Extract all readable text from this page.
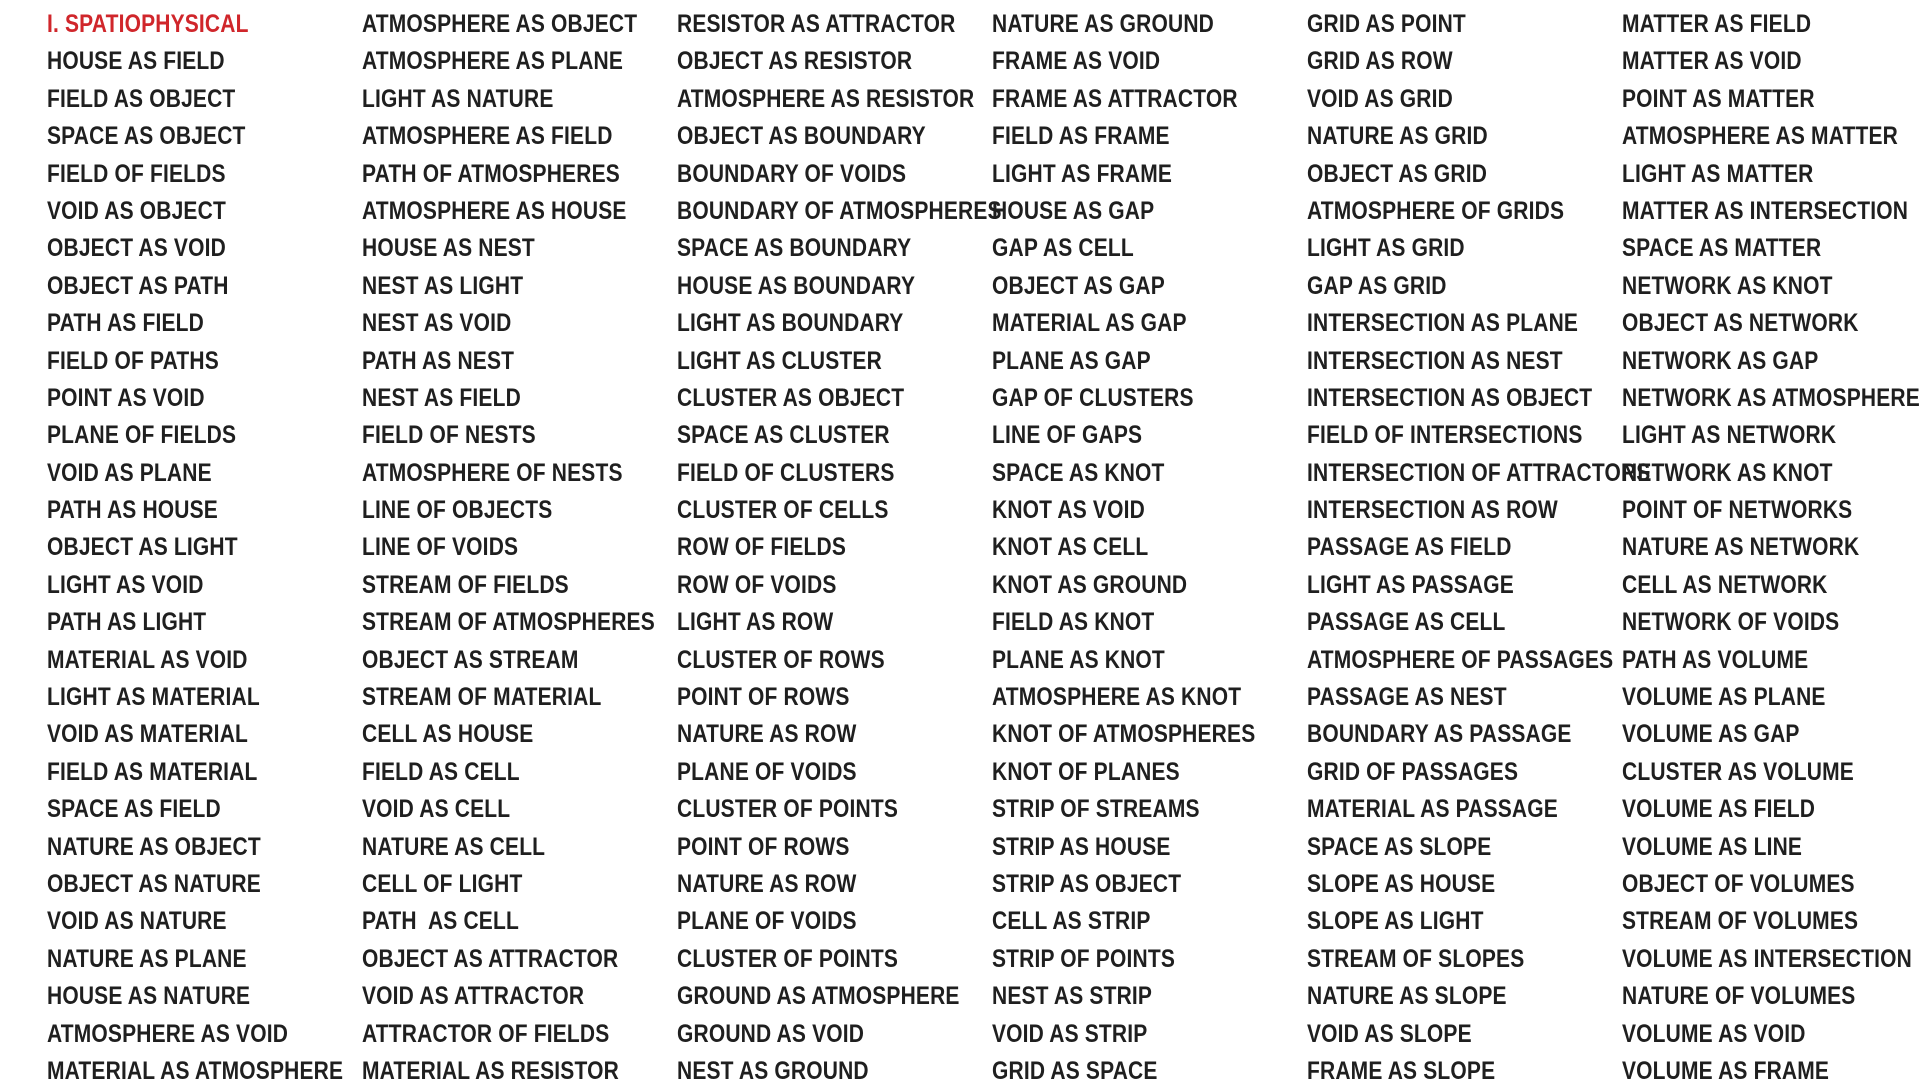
I. SPATIOPHYSICAL
HOUSE AS FIELD
FIELD AS OBJECT
SPACE AS OBJECT
FIELD OF FIELDS
VOID AS OBJECT
OBJECT AS VOID
OBJECT AS PATH
PATH AS FIELD
FIELD OF PATHS
POINT AS VOID
PLANE OF FIELDS
VOID AS PLANE
PATH AS HOUSE
OBJECT AS LIGHT
LIGHT AS VOID
PATH AS LIGHT
MATERIAL AS VOID
LIGHT AS MATERIAL
VOID AS MATERIAL
FIELD AS MATERIAL
SPACE AS FIELD
NATURE AS OBJECT
OBJECT AS NATURE
VOID AS NATURE
NATURE AS PLANE
HOUSE AS NATURE
ATMOSPHERE AS VOID
MATERIAL AS ATMOSPHERE
ATMOSPHERE AS OBJECT
ATMOSPHERE AS PLANE
LIGHT AS NATURE
ATMOSPHERE AS FIELD
PATH OF ATMOSPHERES
ATMOSPHERE AS HOUSE
HOUSE AS NEST
NEST AS LIGHT
NEST AS VOID
PATH AS NEST
NEST AS FIELD
FIELD OF NESTS
ATMOSPHERE OF NESTS
LINE OF OBJECTS
LINE OF VOIDS
STREAM OF FIELDS
STREAM OF ATMOSPHERES
OBJECT AS STREAM
STREAM OF MATERIAL
CELL AS HOUSE
FIELD AS CELL
VOID AS CELL
NATURE AS CELL
CELL OF LIGHT
PATH  AS CELL
OBJECT AS ATTRACTOR
VOID AS ATTRACTOR
ATTRACTOR OF FIELDS
MATERIAL AS RESISTOR
RESISTOR AS ATTRACTOR
OBJECT AS RESISTOR
ATMOSPHERE AS RESISTOR
OBJECT AS BOUNDARY
BOUNDARY OF VOIDS
BOUNDARY OF ATMOSPHERES
SPACE AS BOUNDARY
HOUSE AS BOUNDARY
LIGHT AS BOUNDARY
LIGHT AS CLUSTER
CLUSTER AS OBJECT
SPACE AS CLUSTER
FIELD OF CLUSTERS
CLUSTER OF CELLS
ROW OF FIELDS
ROW OF VOIDS
LIGHT AS ROW
CLUSTER OF ROWS
POINT OF ROWS
NATURE AS ROW
PLANE OF VOIDS
CLUSTER OF POINTS
POINT OF ROWS
NATURE AS ROW
PLANE OF VOIDS
CLUSTER OF POINTS
GROUND AS ATMOSPHERE
GROUND AS VOID
NEST AS GROUND
NATURE AS GROUND
FRAME AS VOID
FRAME AS ATTRACTOR
FIELD AS FRAME
LIGHT AS FRAME
HOUSE AS GAP
GAP AS CELL
OBJECT AS GAP
MATERIAL AS GAP
PLANE AS GAP
GAP OF CLUSTERS
LINE OF GAPS
SPACE AS KNOT
KNOT AS VOID
KNOT AS CELL
KNOT AS GROUND
FIELD AS KNOT
PLANE AS KNOT
ATMOSPHERE AS KNOT
KNOT OF ATMOSPHERES
KNOT OF PLANES
STRIP OF STREAMS
STRIP AS HOUSE
STRIP AS OBJECT
CELL AS STRIP
STRIP OF POINTS
NEST AS STRIP
VOID AS STRIP
GRID AS SPACE
GRID AS POINT
GRID AS ROW
VOID AS GRID
NATURE AS GRID
OBJECT AS GRID
ATMOSPHERE OF GRIDS
LIGHT AS GRID
GAP AS GRID
INTERSECTION AS PLANE
INTERSECTION AS NEST
INTERSECTION AS OBJECT
FIELD OF INTERSECTIONS
INTERSECTION OF ATTRACTORS
INTERSECTION AS ROW
PASSAGE AS FIELD
LIGHT AS PASSAGE
PASSAGE AS CELL
ATMOSPHERE OF PASSAGES
PASSAGE AS NEST
BOUNDARY AS PASSAGE
GRID OF PASSAGES
MATERIAL AS PASSAGE
SPACE AS SLOPE
SLOPE AS HOUSE
SLOPE AS LIGHT
STREAM OF SLOPES
NATURE AS SLOPE
VOID AS SLOPE
FRAME AS SLOPE
MATTER AS FIELD
MATTER AS VOID
POINT AS MATTER
ATMOSPHERE AS MATTER
LIGHT AS MATTER
MATTER AS INTERSECTION
SPACE AS MATTER
NETWORK AS KNOT
OBJECT AS NETWORK
NETWORK AS GAP
NETWORK AS ATMOSPHERE
LIGHT AS NETWORK
NETWORK AS KNOT
POINT OF NETWORKS
NATURE AS NETWORK
CELL AS NETWORK
NETWORK OF VOIDS
PATH AS VOLUME
VOLUME AS PLANE
VOLUME AS GAP
CLUSTER AS VOLUME
VOLUME AS FIELD
VOLUME AS LINE
OBJECT OF VOLUMES
STREAM OF VOLUMES
VOLUME AS INTERSECTION
NATURE OF VOLUMES
VOLUME AS VOID
VOLUME AS FRAME
